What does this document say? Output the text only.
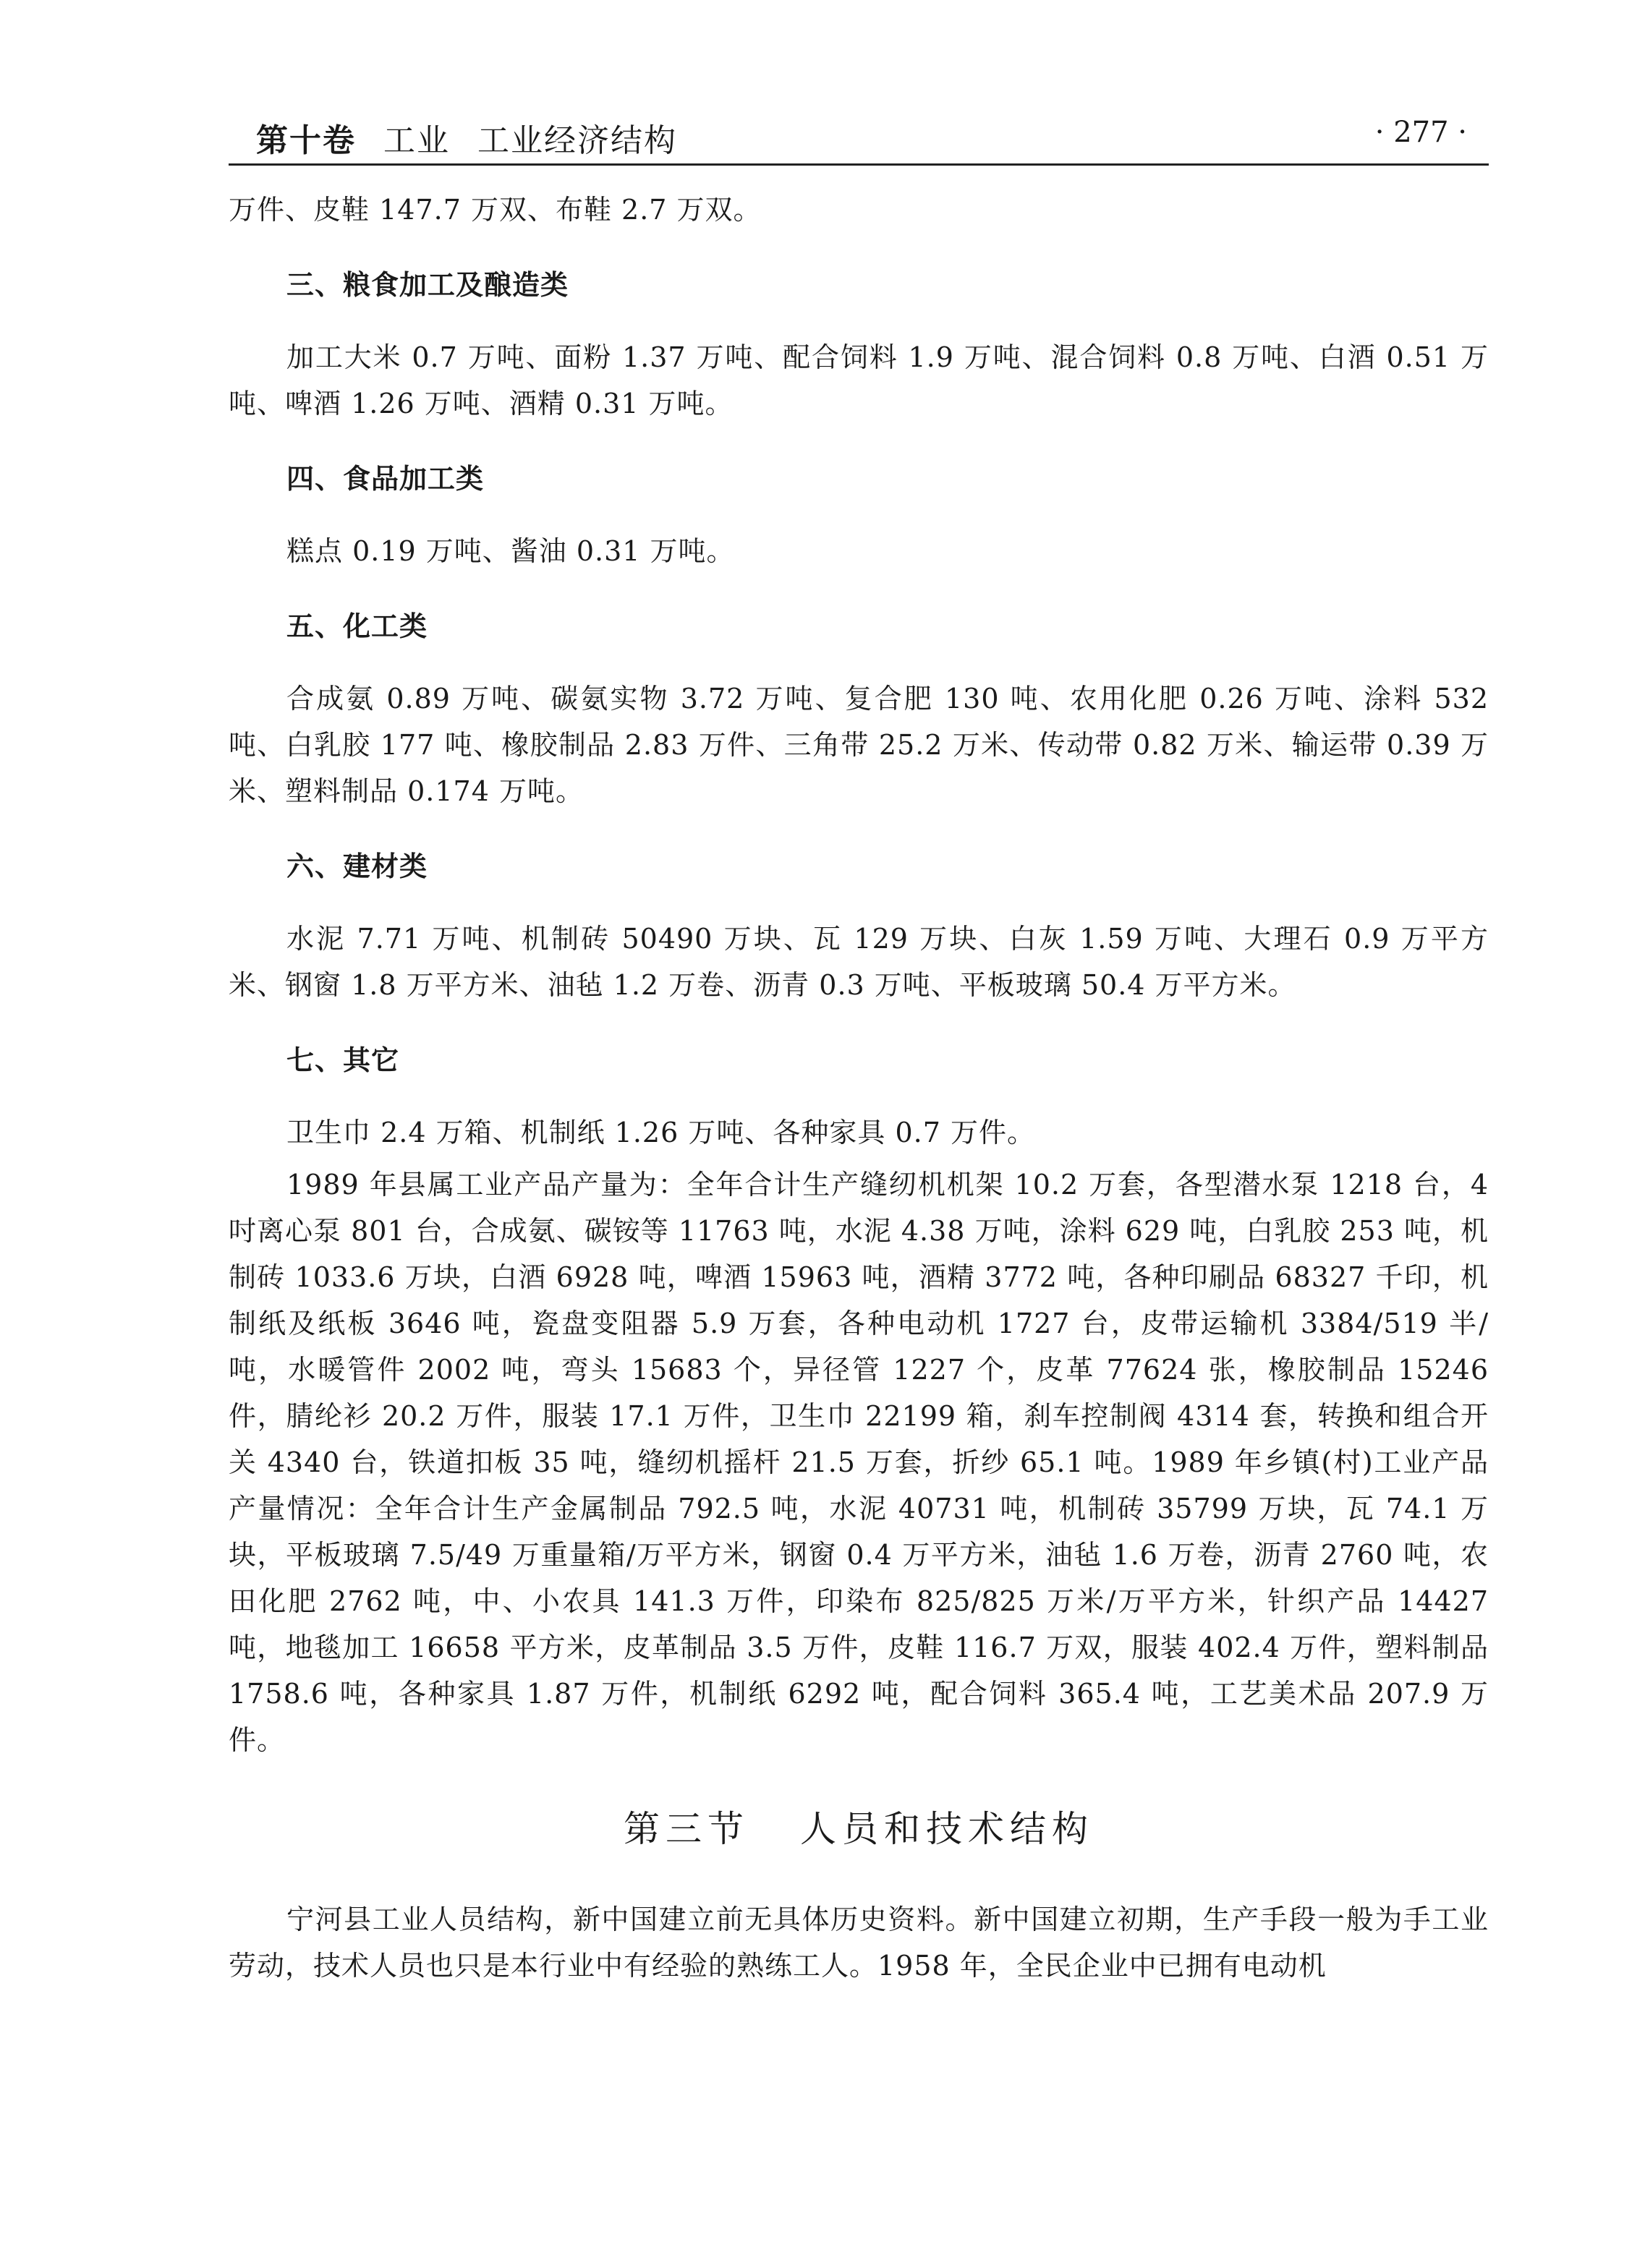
第十卷 工业 工业经济结构	· 277 ·

万件、皮鞋 147.7 万双、布鞋 2.7 万双。

三、粮食加工及酿造类

加工大米 0.7 万吨、面粉 1.37 万吨、配合饲料 1.9 万吨、混合饲料 0.8 万吨、白酒 0.51 万吨、啤酒 1.26 万吨、酒精 0.31 万吨。

四、食品加工类

糕点 0.19 万吨、酱油 0.31 万吨。

五、化工类

合成氨 0.89 万吨、碳氨实物 3.72 万吨、复合肥 130 吨、农用化肥 0.26 万吨、涂料 532 吨、白乳胶 177 吨、橡胶制品 2.83 万件、三角带 25.2 万米、传动带 0.82 万米、输运带 0.39 万米、塑料制品 0.174 万吨。

六、建材类

水泥 7.71 万吨、机制砖 50490 万块、瓦 129 万块、白灰 1.59 万吨、大理石 0.9 万平方米、钢窗 1.8 万平方米、油毡 1.2 万卷、沥青 0.3 万吨、平板玻璃 50.4 万平方米。

七、其它

卫生巾 2.4 万箱、机制纸 1.26 万吨、各种家具 0.7 万件。

1989 年县属工业产品产量为：全年合计生产缝纫机机架 10.2 万套，各型潜水泵 1218 台，4 吋离心泵 801 台，合成氨、碳铵等 11763 吨，水泥 4.38 万吨，涂料 629 吨，白乳胶 253 吨，机制砖 1033.6 万块，白酒 6928 吨，啤酒 15963 吨，酒精 3772 吨，各种印刷品 68327 千印，机制纸及纸板 3646 吨，瓷盘变阻器 5.9 万套，各种电动机 1727 台，皮带运输机 3384/519 半/吨，水暖管件 2002 吨，弯头 15683 个，异径管 1227 个，皮革 77624 张，橡胶制品 15246 件，腈纶衫 20.2 万件，服装 17.1 万件，卫生巾 22199 箱，刹车控制阀 4314 套，转换和组合开关 4340 台，铁道扣板 35 吨，缝纫机摇杆 21.5 万套，折纱 65.1 吨。1989 年乡镇(村)工业产品产量情况：全年合计生产金属制品 792.5 吨，水泥 40731 吨，机制砖 35799 万块，瓦 74.1 万块，平板玻璃 7.5/49 万重量箱/万平方米，钢窗 0.4 万平方米，油毡 1.6 万卷，沥青 2760 吨，农田化肥 2762 吨，中、小农具 141.3 万件，印染布 825/825 万米/万平方米，针织产品 14427 吨，地毯加工 16658 平方米，皮革制品 3.5 万件，皮鞋 116.7 万双，服装 402.4 万件，塑料制品 1758.6 吨，各种家具 1.87 万件，机制纸 6292 吨，配合饲料 365.4 吨，工艺美术品 207.9 万件。

第三节 人员和技术结构

宁河县工业人员结构，新中国建立前无具体历史资料。新中国建立初期，生产手段一般为手工业劳动，技术人员也只是本行业中有经验的熟练工人。1958 年，全民企业中已拥有电动机
